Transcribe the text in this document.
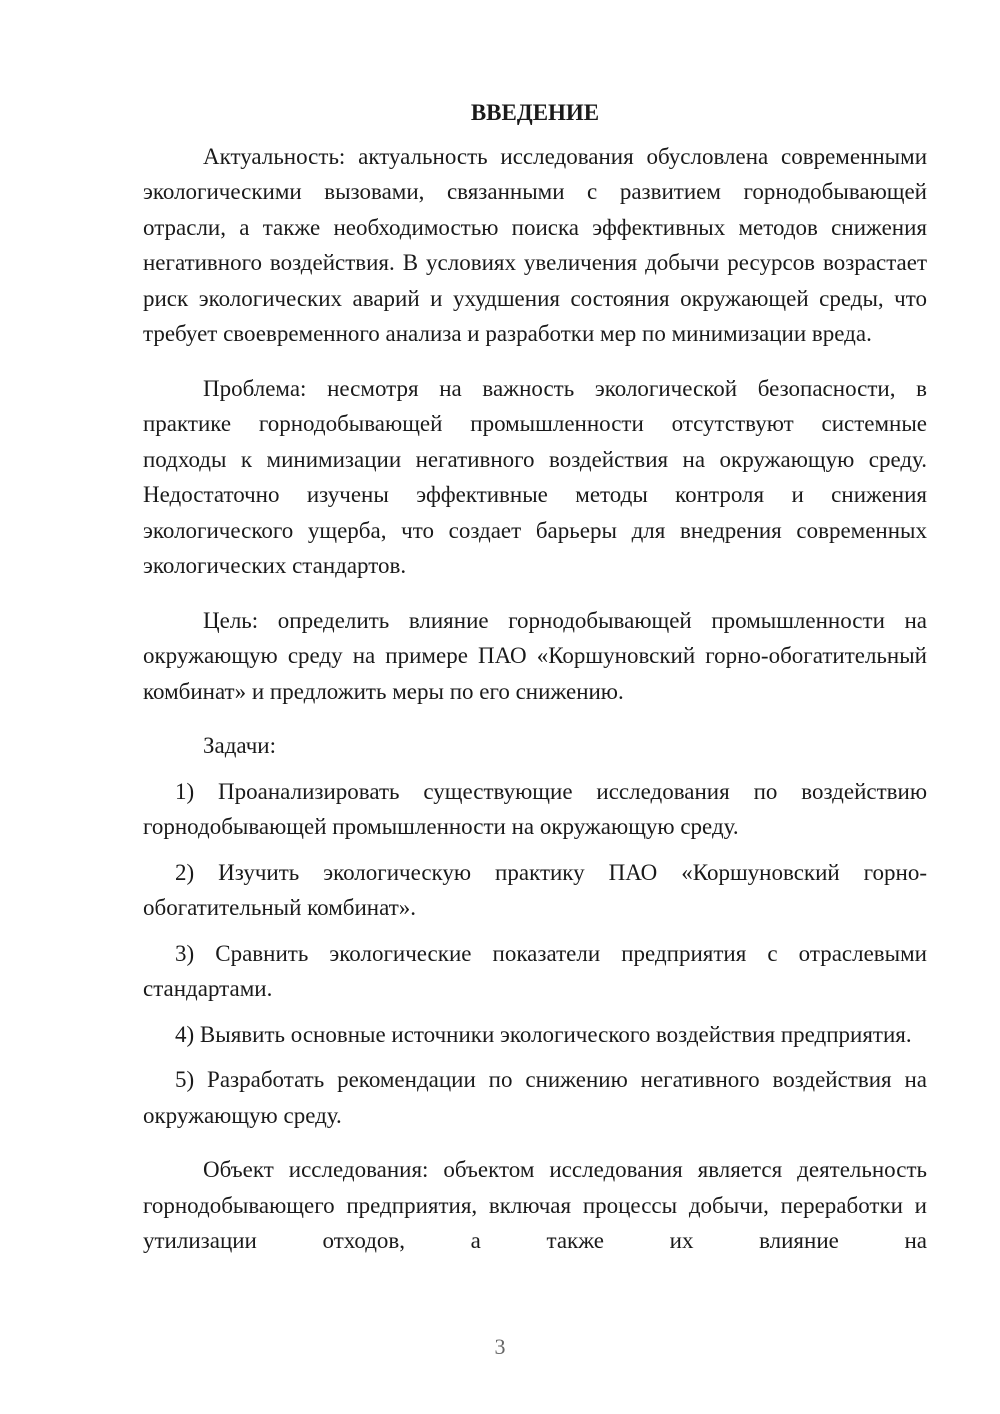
ВВЕДЕНИЕ

Актуальность: актуальность исследования обусловлена современными экологическими вызовами, связанными с развитием горнодобывающей отрасли, а также необходимостью поиска эффективных методов снижения негативного воздействия. В условиях увеличения добычи ресурсов возрастает риск экологических аварий и ухудшения состояния окружающей среды, что требует своевременного анализа и разработки мер по минимизации вреда.

Проблема: несмотря на важность экологической безопасности, в практике горнодобывающей промышленности отсутствуют системные подходы к минимизации негативного воздействия на окружающую среду. Недостаточно изучены эффективные методы контроля и снижения экологического ущерба, что создает барьеры для внедрения современных экологических стандартов.

Цель: определить влияние горнодобывающей промышленности на окружающую среду на примере ПАО «Коршуновский горно-обогатительный комбинат» и предложить меры по его снижению.

Задачи:

1) Проанализировать существующие исследования по воздействию горнодобывающей промышленности на окружающую среду.

2) Изучить экологическую практику ПАО «Коршуновский горно-обогатительный комбинат».

3) Сравнить экологические показатели предприятия с отраслевыми стандартами.

4) Выявить основные источники экологического воздействия предприятия.

5) Разработать рекомендации по снижению негативного воздействия на окружающую среду.

Объект исследования: объектом исследования является деятельность горнодобывающего предприятия, включая процессы добычи, переработки и утилизации отходов, а также их влияние на

3
